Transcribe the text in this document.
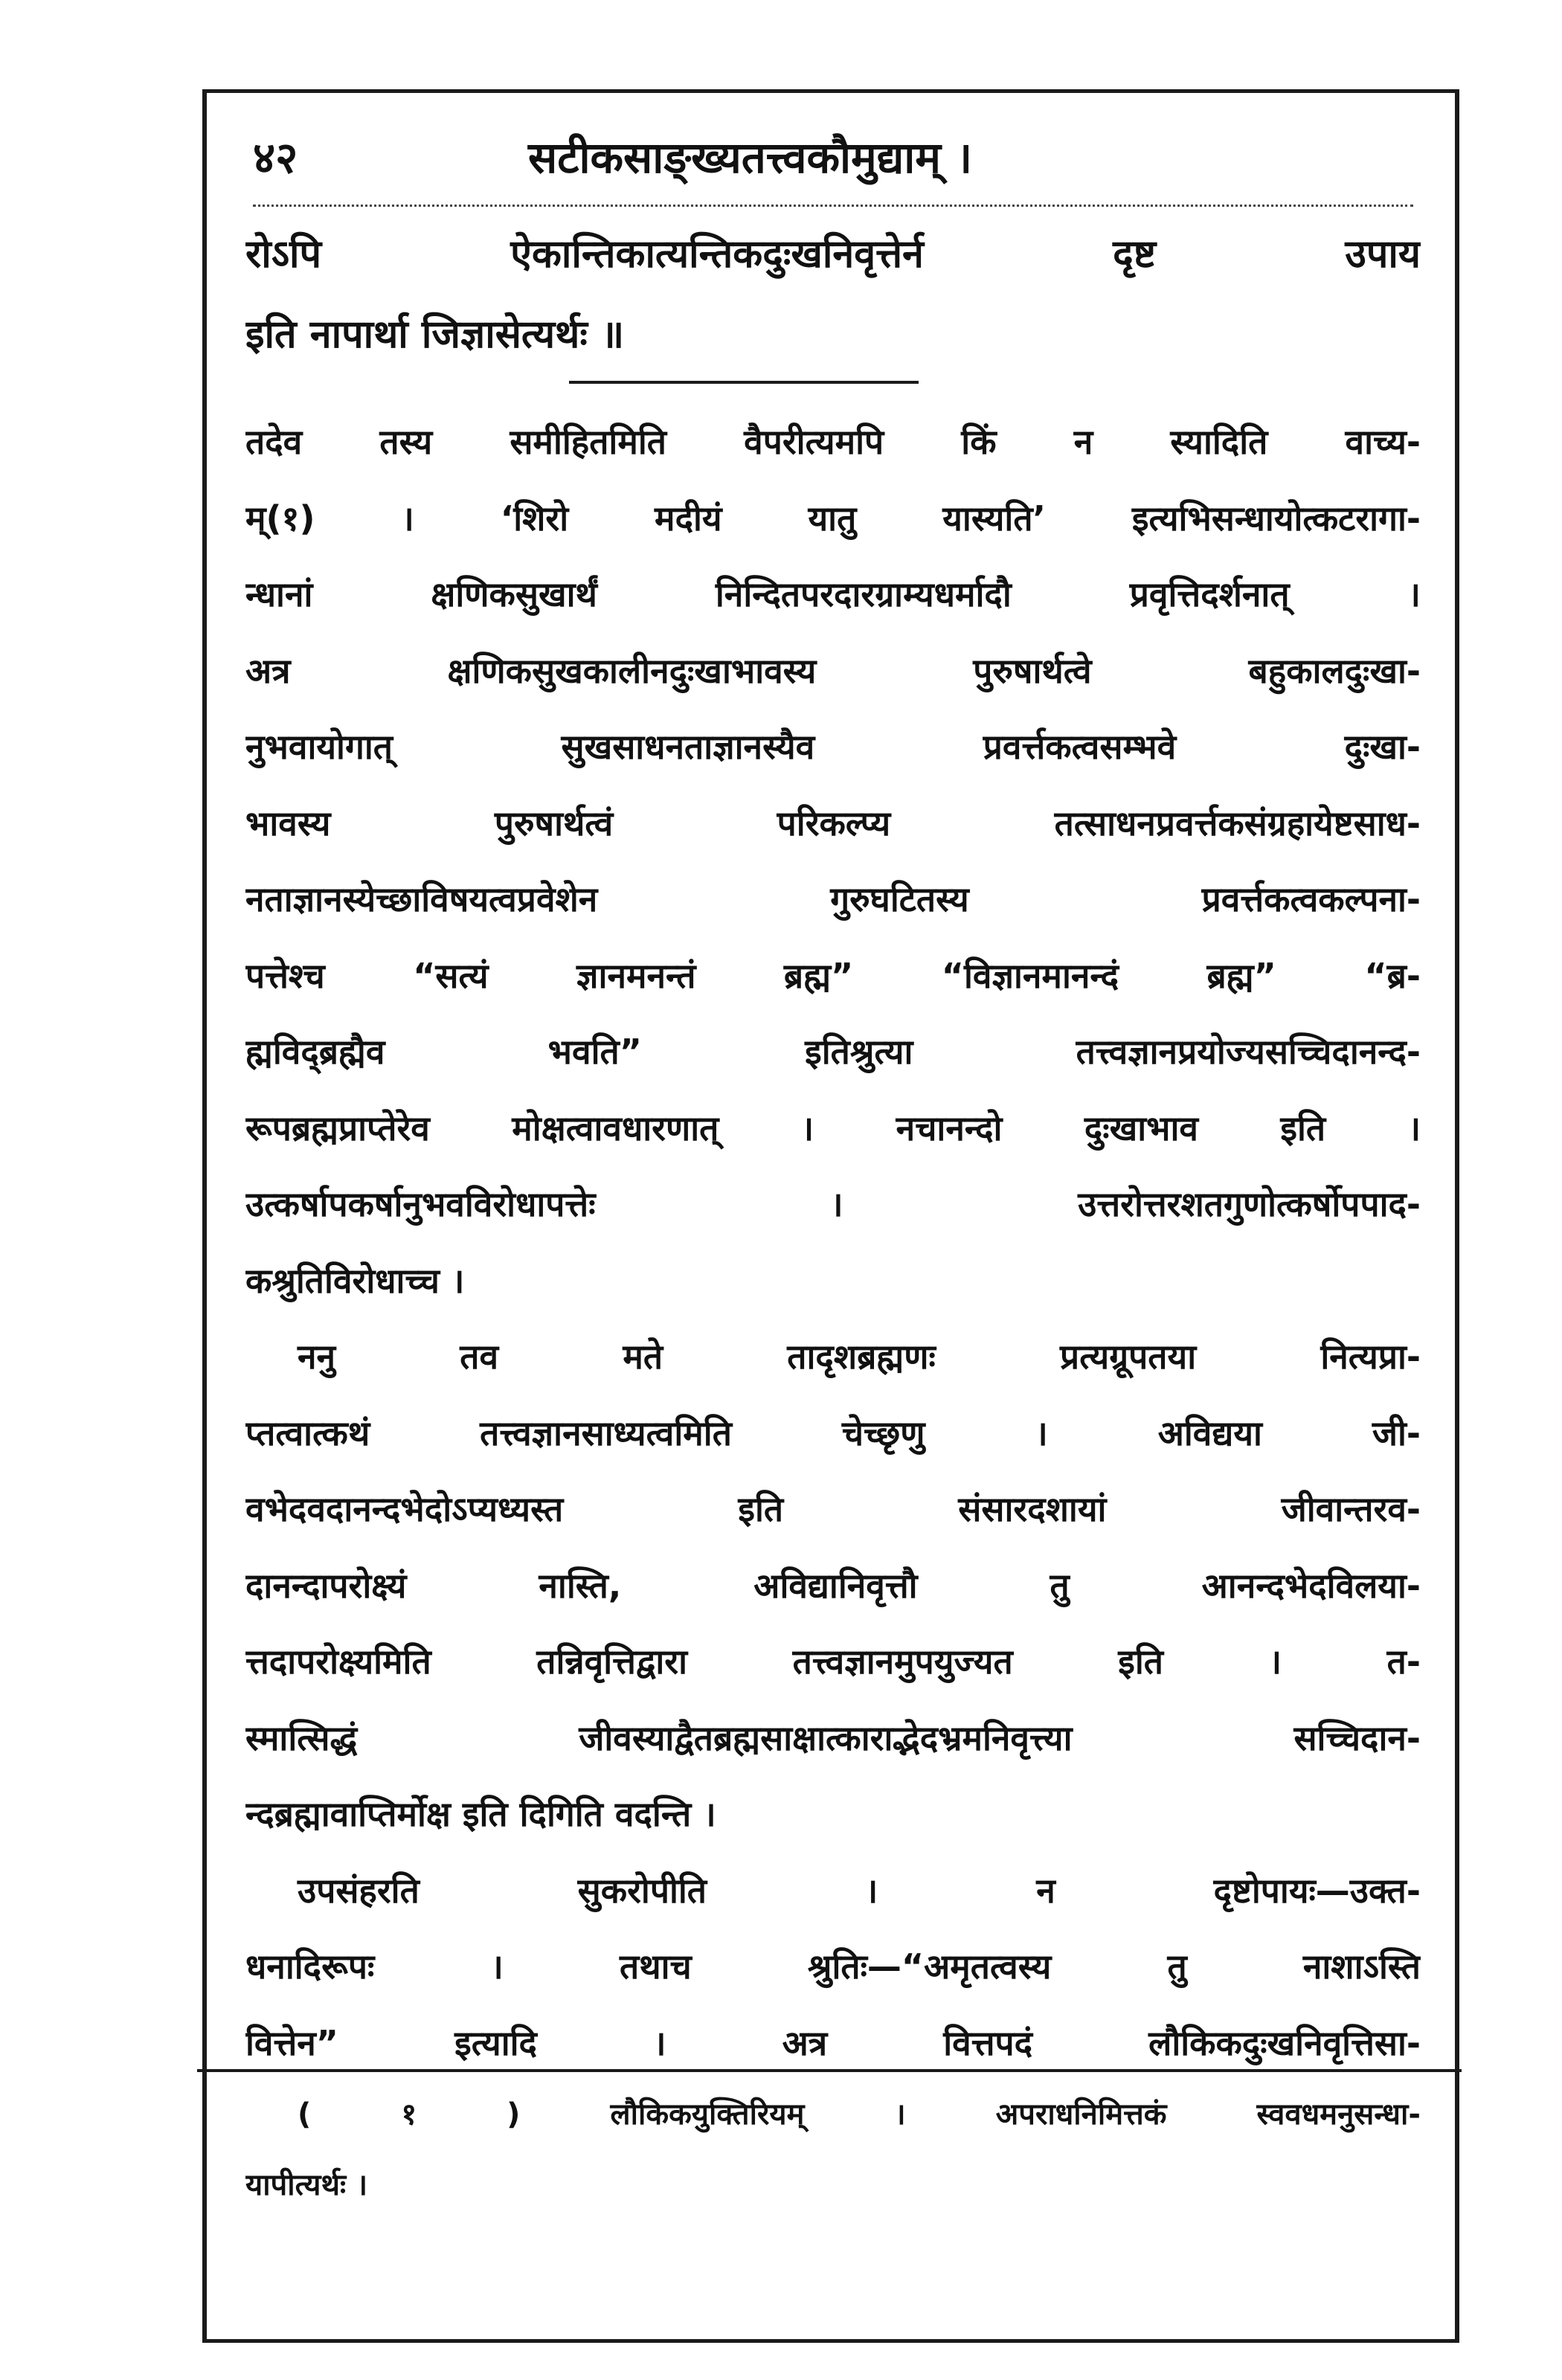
४२	सटीकसाङ्ख्यतत्त्वकौमुद्याम् ।
रोऽपि ऐकान्तिकात्यन्तिकदुःखनिवृत्तेर्न दृष्ट उपाय
इति नापार्था जिज्ञासेत्यर्थः ॥
तदेव तस्य समीहितमिति वैपरीत्यमपि किं न स्यादिति वाच्य-
म्(१) । ‘शिरो मदीयं यातु यास्यति’ इत्यभिसन्धायोत्कटरागा-
न्धानां क्षणिकसुखार्थं निन्दितपरदारग्राम्यधर्मादौ प्रवृत्तिदर्शनात् ।
अत्र क्षणिकसुखकालीनदुःखाभावस्य पुरुषार्थत्वे बहुकालदुःखा-
नुभवायोगात् सुखसाधनताज्ञानस्यैव प्रवर्त्तकत्वसम्भवे दुःखा-
भावस्य पुरुषार्थत्वं परिकल्प्य तत्साधनप्रवर्त्तकसंग्रहायेष्टसाध-
नताज्ञानस्येच्छाविषयत्वप्रवेशेन गुरुघटितस्य प्रवर्त्तकत्वकल्पना-
पत्तेश्च “सत्यं ज्ञानमनन्तं ब्रह्म” “विज्ञानमानन्दं ब्रह्म” “ब्र-
ह्मविद्ब्रह्मैव भवति” इतिश्रुत्या तत्त्वज्ञानप्रयोज्यसच्चिदानन्द-
रूपब्रह्मप्राप्तेरेव मोक्षत्वावधारणात् । नचानन्दो दुःखाभाव इति ।
उत्कर्षापकर्षानुभवविरोधापत्तेः । उत्तरोत्तरशतगुणोत्कर्षोपपाद-
कश्रुतिविरोधाच्च ।
ननु तव मते तादृशब्रह्मणः प्रत्यग्रूपतया नित्यप्रा-
प्तत्वात्कथं तत्त्वज्ञानसाध्यत्वमिति चेच्छृणु । अविद्यया जी-
वभेदवदानन्दभेदोऽप्यध्यस्त इति संसारदशायां जीवान्तरव-
दानन्दापरोक्ष्यं नास्ति, अविद्यानिवृत्तौ तु आनन्दभेदविलया-
त्तदापरोक्ष्यमिति तन्निवृत्तिद्वारा तत्त्वज्ञानमुपयुज्यत इति । त-
स्मात्सिद्धं जीवस्याद्वैतब्रह्मसाक्षात्काराद्भेदभ्रमनिवृत्त्या सच्चिदान-
न्दब्रह्मावाप्तिर्मोक्ष इति दिगिति वदन्ति ।
उपसंहरति सुकरोपीति । न दृष्टोपायः—उक्त-
धनादिरूपः । तथाच श्रुतिः—“अमृतत्वस्य तु नाशाऽस्ति
वित्तेन” इत्यादि । अत्र वित्तपदं लौकिकदुःखनिवृत्तिसा-
( १ ) लौकिकयुक्तिरियम् । अपराधनिमित्तकं स्ववधमनुसन्धा-
यापीत्यर्थः ।
